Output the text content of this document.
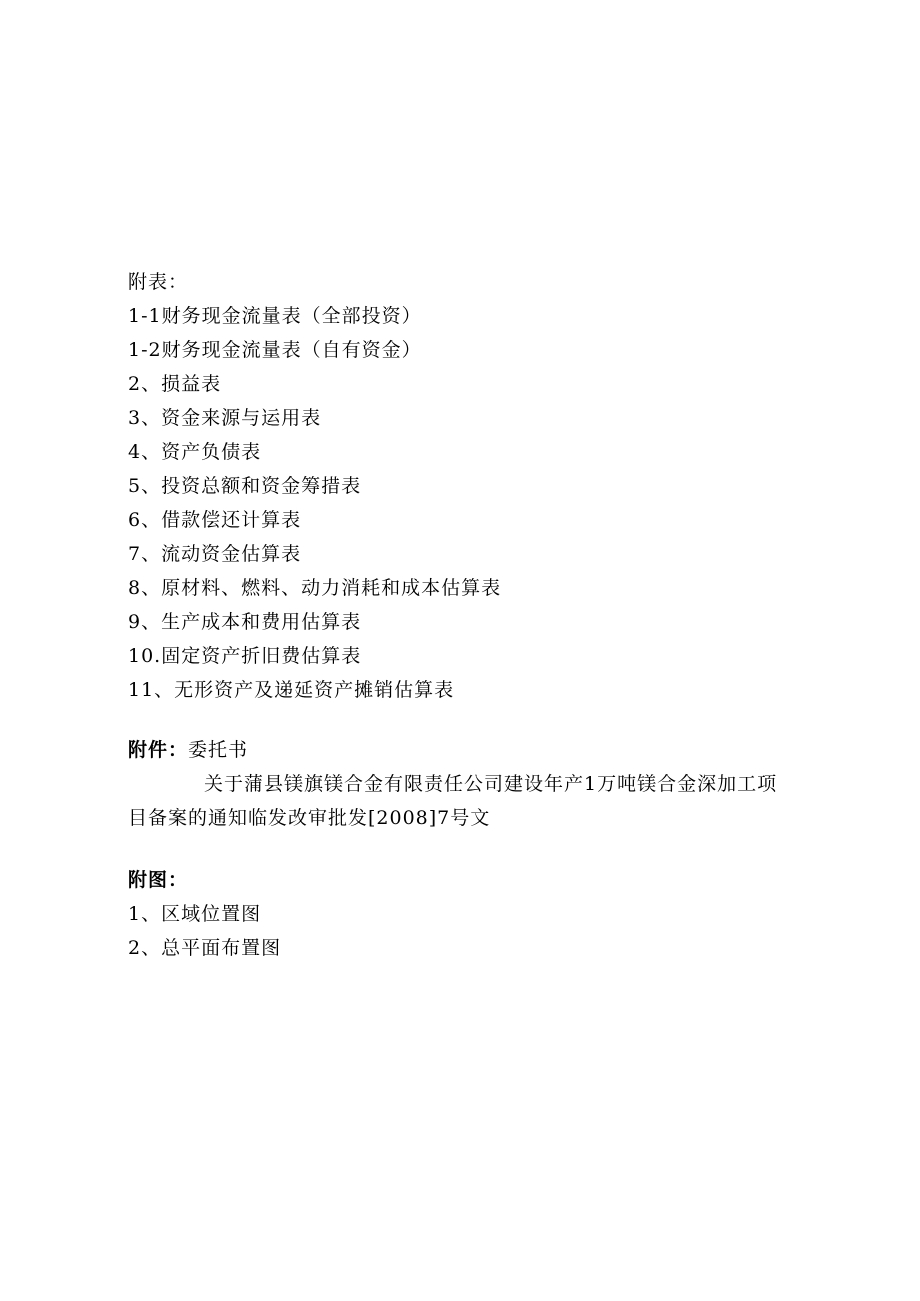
附表：
1-1财务现金流量表（全部投资）
1-2财务现金流量表（自有资金）
2、损益表
3、资金来源与运用表
4、资产负债表
5、投资总额和资金筹措表
6、借款偿还计算表
7、流动资金估算表
8、原材料、燃料、动力消耗和成本估算表
9、生产成本和费用估算表
10.固定资产折旧费估算表
11、无形资产及递延资产摊销估算表
附件：委托书
关于蒲县镁旗镁合金有限责任公司建设年产1万吨镁合金深加工项目备案的通知临发改审批发[2008]7号文
附图：
1、区域位置图
2、总平面布置图
